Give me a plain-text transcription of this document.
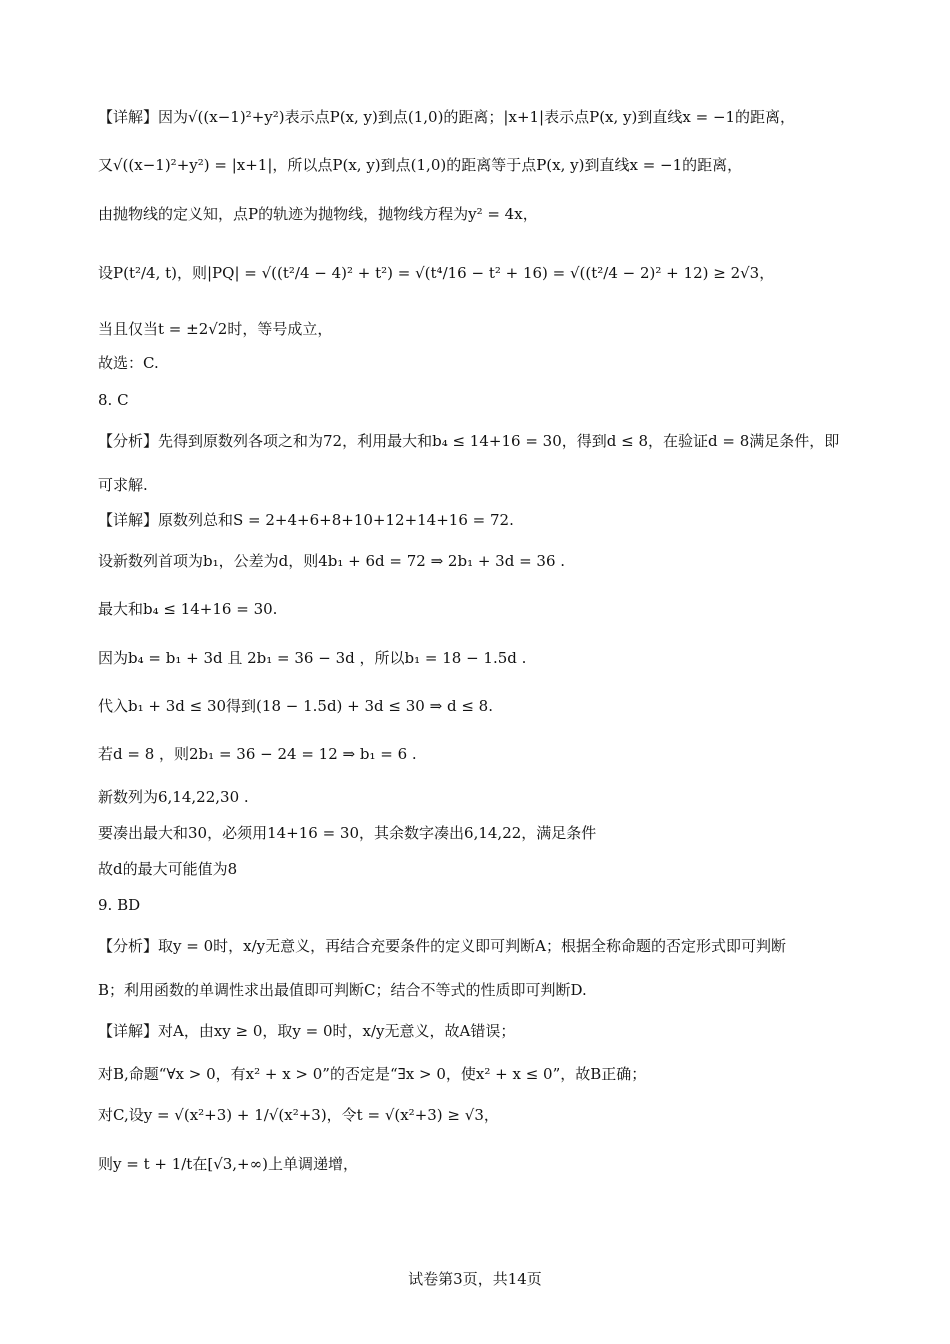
【详解】因为√((x−1)²+y²)表示点P(x, y)到点(1,0)的距离；|x+1|表示点P(x, y)到直线x = −1的距离，
又√((x−1)²+y²) = |x+1|，所以点P(x, y)到点(1,0)的距离等于点P(x, y)到直线x = −1的距离，
由抛物线的定义知，点P的轨迹为抛物线，抛物线方程为y² = 4x，
设P(t²/4, t)，则|PQ| = √((t²/4 − 4)² + t²) = √(t⁴/16 − t² + 16) = √((t²/4 − 2)² + 12) ≥ 2√3，
当且仅当t = ±2√2时，等号成立，
故选：C.
8. C
【分析】先得到原数列各项之和为72，利用最大和b₄ ≤ 14+16 = 30，得到d ≤ 8，在验证d = 8满足条件，即
可求解.
【详解】原数列总和S = 2+4+6+8+10+12+14+16 = 72.
设新数列首项为b₁，公差为d，则4b₁ + 6d = 72 ⇒ 2b₁ + 3d = 36 .
最大和b₄ ≤ 14+16 = 30.
因为b₄ = b₁ + 3d 且 2b₁ = 36 − 3d ，所以b₁ = 18 − 1.5d .
代入b₁ + 3d ≤ 30得到(18 − 1.5d) + 3d ≤ 30 ⇒ d ≤ 8.
若d = 8 ，则2b₁ = 36 − 24 = 12 ⇒ b₁ = 6 .
新数列为6,14,22,30 .
要凑出最大和30，必须用14+16 = 30，其余数字凑出6,14,22，满足条件
故d的最大可能值为8
9. BD
【分析】取y = 0时，x/y无意义，再结合充要条件的定义即可判断A；根据全称命题的否定形式即可判断
B；利用函数的单调性求出最值即可判断C；结合不等式的性质即可判断D.
【详解】对A，由xy ≥ 0，取y = 0时，x/y无意义，故A错误；
对B,命题“∀x > 0，有x² + x > 0”的否定是“∃x > 0，使x² + x ≤ 0”，故B正确；
对C,设y = √(x²+3) + 1/√(x²+3)，令t = √(x²+3) ≥ √3，
则y = t + 1/t在[√3,+∞)上单调递增，
试卷第3页，共14页
